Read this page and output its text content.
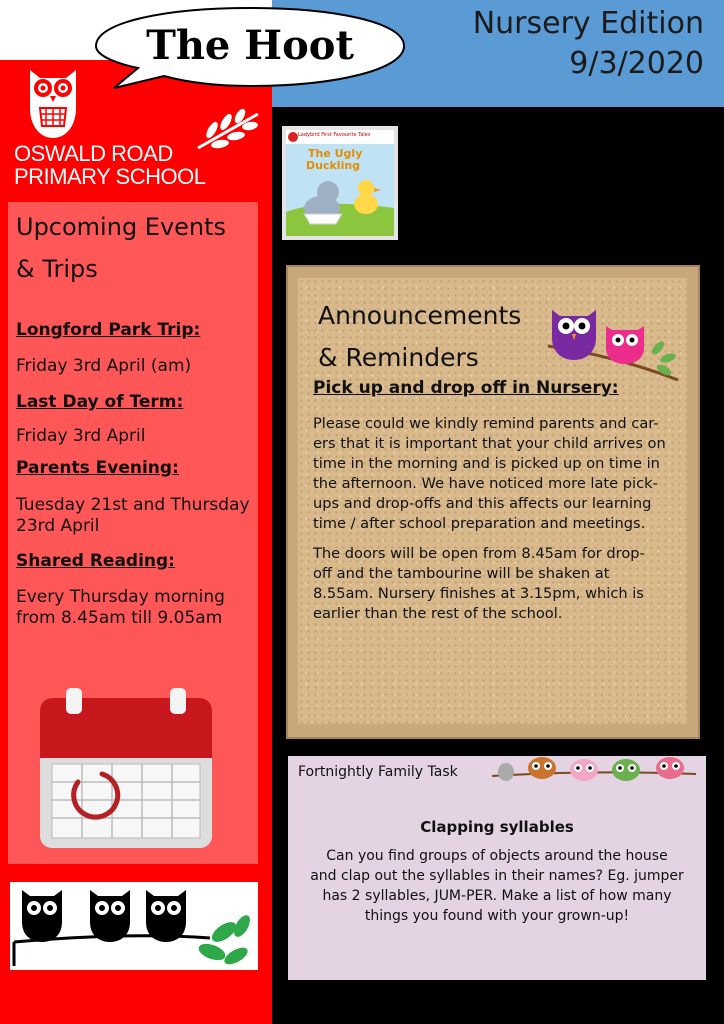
The Hoot	Nursery Edition
9/3/2020
OSWALD ROAD
PRIMARY SCHOOL
Upcoming Events
& Trips
Longford Park Trip:
Friday 3rd April (am)
Last Day of Term:
Friday 3rd April
Parents Evening:
Tuesday 21st and Thursday
23rd April
Shared Reading:
Every Thursday morning
from 8.45am till 9.05am
Ladybird First Favourite Tales
The Ugly
Duckling
Announcements
& Reminders
Pick up and drop off in Nursery:
Please could we kindly remind parents and car-
ers that it is important that your child arrives on
time in the morning and is picked up on time in
the afternoon. We have noticed more late pick-
ups and drop-offs and this affects our learning
time / after school preparation and meetings.
The doors will be open from 8.45am for drop-
off and the tambourine will be shaken at
8.55am. Nursery finishes at 3.15pm, which is
earlier than the rest of the school.
Fortnightly Family Task
Clapping syllables
Can you find groups of objects around the house
and clap out the syllables in their names? Eg. jumper
has 2 syllables, JUM-PER. Make a list of how many
things you found with your grown-up!
